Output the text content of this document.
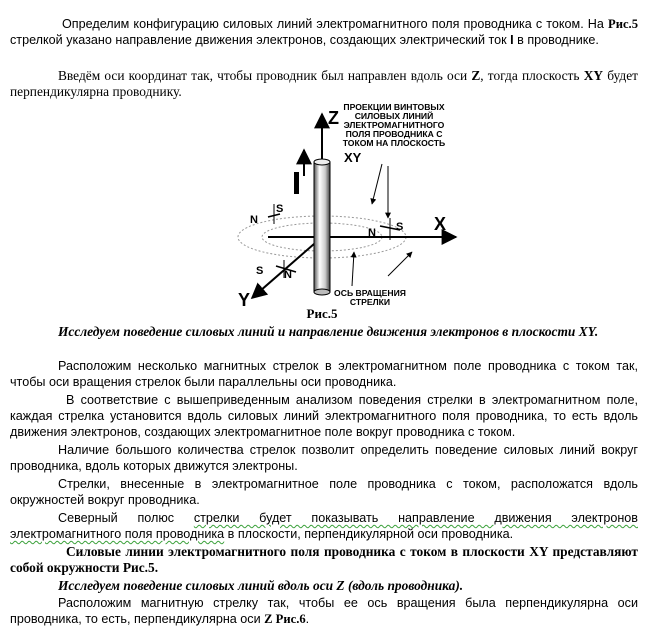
Определим конфигурацию силовых линий электромагнитного поля проводника с током. На Рис.5 стрелкой указано направление движения электронов, создающих электрический ток I в проводнике.

Введём оси координат так, чтобы проводник был направлен вдоль оси Z, тогда плоскость XY будет перпендикулярна проводнику.

Z
X
Y
I
N
S
S N
N S
ПРОЕКЦИИ ВИНТОВЫХ
СИЛОВЫХ ЛИНИЙ
ЭЛЕКТРОМАГНИТНОГО
ПОЛЯ ПРОВОДНИКА С
ТОКОМ НА ПЛОСКОСТЬ
XY
ОСЬ ВРАЩЕНИЯ
СТРЕЛКИ
Рис.5

Исследуем поведение силовых линий и направление движения электронов в плоскости XY.

Расположим несколько магнитных стрелок в электромагнитном поле проводника с током так, чтобы оси вращения стрелок были параллельны оси проводника.

В соответствие с вышеприведенным анализом поведения стрелки в электромагнитном поле, каждая стрелка установится вдоль силовых линий электромагнитного поля проводника, то есть вдоль движения электронов, создающих электромагнитное поле вокруг проводника с током.

Наличие большого количества стрелок позволит определить поведение силовых линий вокруг проводника, вдоль которых движутся электроны.

Стрелки, внесенные в электромагнитное поле проводника с током, расположатся вдоль окружностей вокруг проводника.

Северный полюс стрелки будет показывать направление движения электронов электромагнитного поля проводника в плоскости, перпендикулярной оси проводника.

Силовые линии электромагнитного поля проводника с током в плоскости XY представляют собой окружности Рис.5.

Исследуем поведение силовых линий вдоль оси Z (вдоль проводника).

Расположим магнитную стрелку так, чтобы ее ось вращения была перпендикулярна оси проводника, то есть, перпендикулярна оси Z Рис.6.
